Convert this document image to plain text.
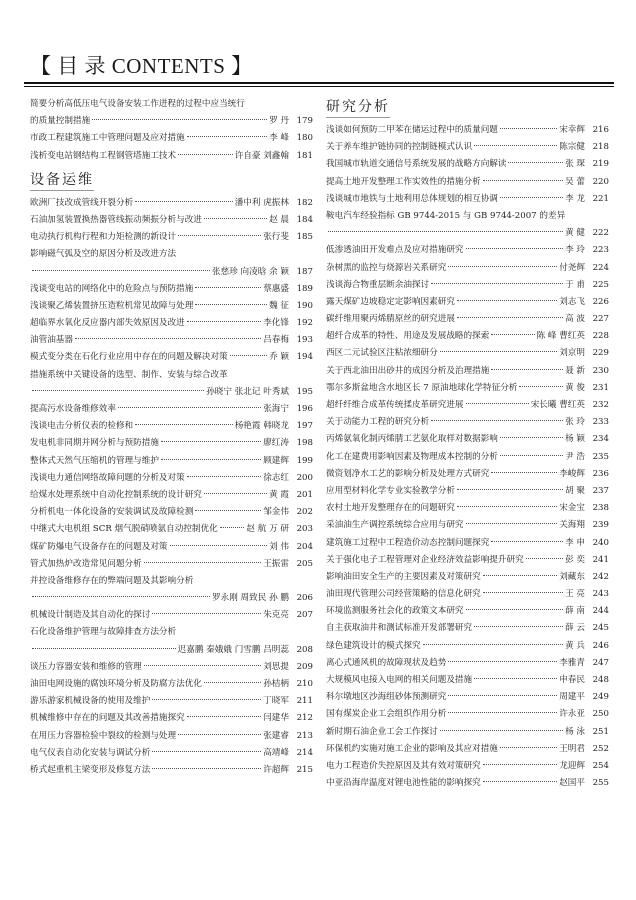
【 目 录 CONTENTS 】
简要分析高低压电气设备安装工作进程的过程中应当统行
的质量控制措施	罗 丹 179
市政工程建筑施工中管理问题及应对措施	李 峰 180
浅析变电站钢结构工程钢管塔施工技术	许自豪 刘鑫翰 181
设备运维
欧洲厂技改成管线开裂分析	潘中利 虎振林 182
石油加氢装置换热器管线振动频振分析与改进	赵 晨 184
电动执行机构行程和力矩检测的新设计	张行斐 185
影响磁气弧及空的原因分析及改进方法
张慈珍 向凌晗 余 颖 187
浅谈变电站的网络化中的危险点与预防措施	蔡惠盛 189
浅谈聚乙烯装置挤压造粒机常见故障与处理	魏 征 190
超临界水氧化反应器内部失效原因及改进	李化锋 192
油管油基器	吕春梅 193
模式变分类在石化行业应用中存在的问题及解决对策	乔 颖 194
措施系统中关键设备的选型、制作、安装与综合改革
孙晓宁 张北记 叶秀斌 195
提高污水设备维修效率	张海宁 196
浅谈电击分析仪表的检修和	杨艳霞 韩晓龙 197
发电机非同期并网分析与预防措施	廖红涛 198
整体式天然气压缩机的管理与维护	顾建辉 199
浅谈电力通信网络故障问题的分析及对策	徐志红 200
给煤水处理系统中自动化控制系统的设计研究	黄 霞 201
分析机电一体化设备的安装调试及故障检测	邹金伟 202
中继式大电机组 SCR 烟气脱硝喷氨自动控制优化	赵 航 万 研 203
煤矿防爆电气设备存在的问题及对策	刘 伟 204
管式加热炉改造常见问题分析	王振雷 205
并控设备维修存在的弊端问题及其影响分析
罗永刚 周致民 孙 鹏 206
机械设计制造及其自动化的探讨	朱克亮 207
石化设备维护管理与故障排查方法分析
迟嘉鹏 秦娥娥 门雪鹏 吕明蕊 208
谈压力容器安装和维修的管理	刘思提 209
油田电网设施的腐蚀环境分析及防腐方法优化	孙桔柄 210
游乐游家机械设备的使用及维护	丁晓军 211
机械维修中存在的问题及其改善措施探究	闫建华 212
在用压力容器检验中裂纹的检测与处理	张建睿 213
电气仪表自动化安装与调试分析	高靖峰 214
桥式起重机主梁变形及修复方法	许超辉 215
研究分析
浅谈如何预防二甲苯在储运过程中的质量问题	宋幸辉 216
关于养车维护链协同的控制链模式认识	陈宗健 218
我国城市轨道交通信号系统发展的战略方向解读	张 琛 219
提高土地开发整理工作实效性的措施分析	吴 蕾 220
浅谈城市地铁与土地利用总体规划的相互协调	李 龙 221
鞍电汽车经验指标 GB 9744-2015 与 GB 9744-2007 的差异
黄 健 222
低渗透油田开发难点及应对措施研究	李 玲 223
杂树黑的监控与烧源岩关系研究	付尧辉 224
浅谈海合物重层断余油探讨	于 甫 225
露天煤矿边坡稳定定影响因素研究	刘志飞 226
碳纤维用聚丙烯腈原丝的研究进展	高 波 227
超纤合成革的特性、用途及发展战略的探索	陈 峰 曹红英 228
西区二元试验区注粘浓细研分	刘京明 229
关于西北油田出砂井的成因分析及治理措施	聂 新 230
鄂尔多斯盆地含水地区长 7 原油地球化学特征分析	黄 俊 231
超纤纤维合成革传统揉皮革研究进展	宋长曦 曹红英 232
关于动能力工程的研究分析	张 玲 233
丙烯氨氧化制丙烯腈工艺氨化取样对数据影响	杨 颖 234
化工在建费用影响因素及物理成本控制的分析	尹 浩 235
微资划净水工艺的影响分析及处理方式研究	李峻辉 236
应用型材料化学专业实验教学分析	胡 聚 237
农村土地开发整理存在的问题研究	宋金宝 238
采油油生产调控系统综合应用与研究	关海翔 239
建筑施工过程中工程造价动态控制问题探究	李 申 240
关于强化电子工程管理对企业经济效益影响提升研究	彭 奕 241
影响油田安全生产的主要因素及对策研究	刘藏东 242
油田现代管理公司经营策略的信息化研究	王 亮 243
环境监测服务社会化的政策文本研究	薛 南 244
自主获取油井和测试标准开发部署研究	薛 云 245
绿色建筑设计的模式探究	黄 兵 246
离心式通风机的故障现状及趋势	李雅青 247
大规模风电接入电网的相关问题及措施	申春民 248
科尔墩地区沙海组砂体预测研究	周建平 249
国有煤炭企业工会组织作用分析	许永亚 250
新时期石油企业工会工作探讨	杨 泳 251
环保机约实施对施工企业的影响及其应对措施	王明君 252
电力工程造价失控原因及其有效对策研究	龙迎辉 254
中亚沿海岸温度对锂电池性能的影响探究	赵国平 255
